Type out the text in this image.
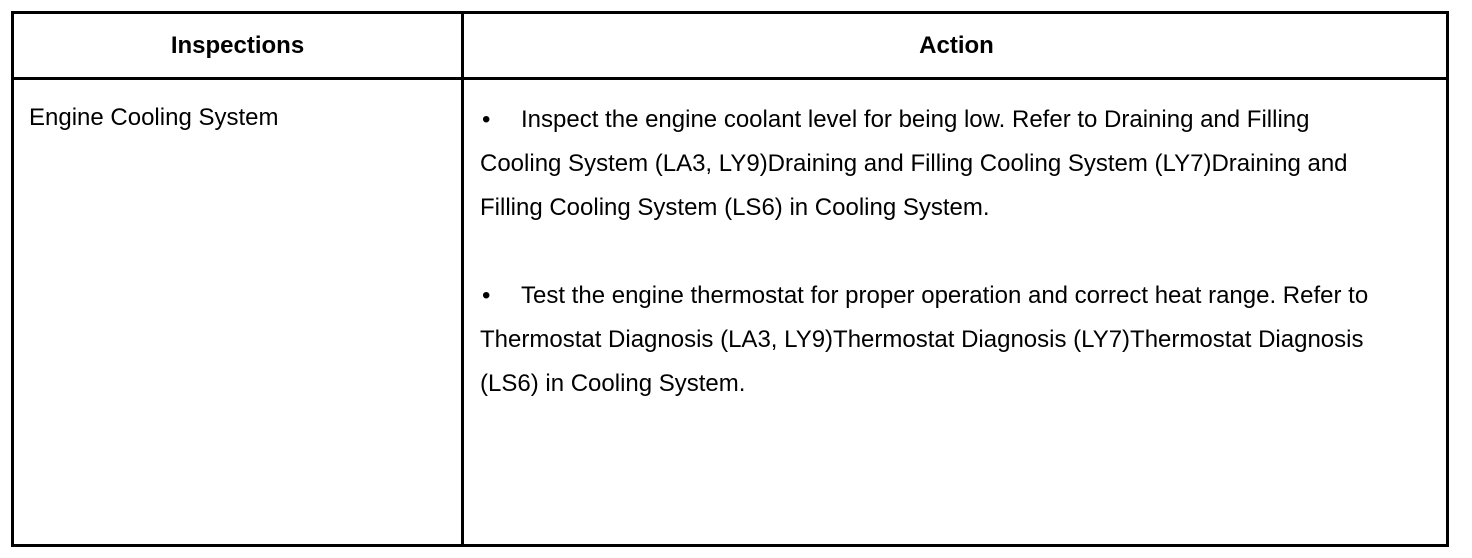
Inspections	Action
Engine Cooling System	• Inspect the engine coolant level for being low. Refer to Draining and Filling Cooling System (LA3, LY9)Draining and Filling Cooling System (LY7)Draining and Filling Cooling System (LS6) in Cooling System.
• Test the engine thermostat for proper operation and correct heat range. Refer to Thermostat Diagnosis (LA3, LY9)Thermostat Diagnosis (LY7)Thermostat Diagnosis (LS6) in Cooling System.
